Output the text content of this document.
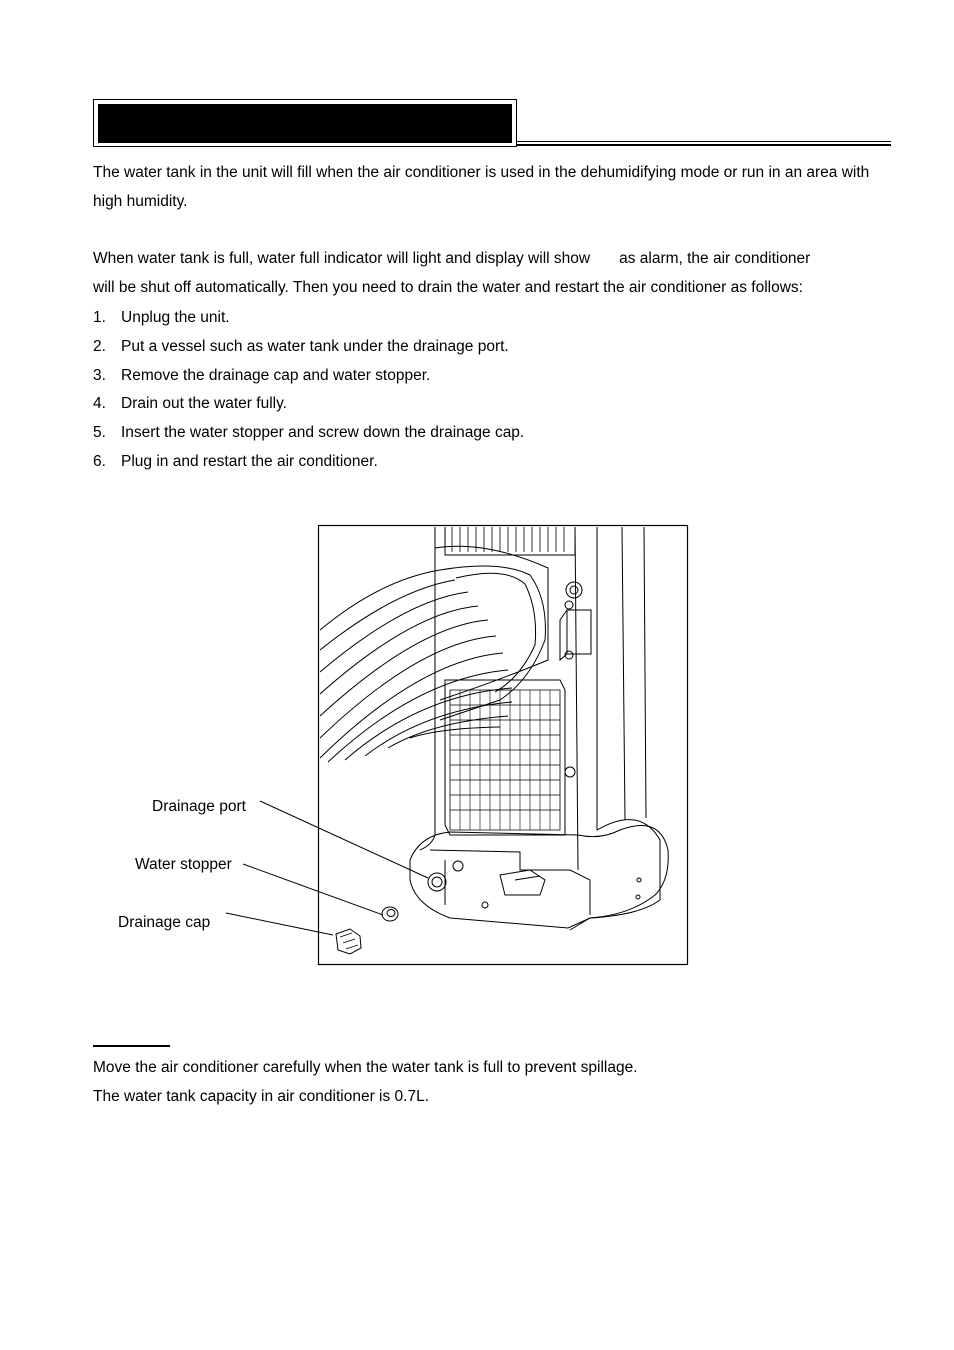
The water tank in the unit will fill when the air conditioner is used in the dehumidifying mode or run in an area with high humidity.
When water tank is full, water full indicator will light and display will show as alarm, the air conditioner
will be shut off automatically. Then you need to drain the water and restart the air conditioner as follows:
1. Unplug the unit.
2. Put a vessel such as water tank under the drainage port.
3. Remove the drainage cap and water stopper.
4. Drain out the water fully.
5. Insert the water stopper and screw down the drainage cap.
6. Plug in and restart the air conditioner.
Drainage port
Water stopper
Drainage cap
Move the air conditioner carefully when the water tank is full to prevent spillage.
The water tank capacity in air conditioner is 0.7L.
